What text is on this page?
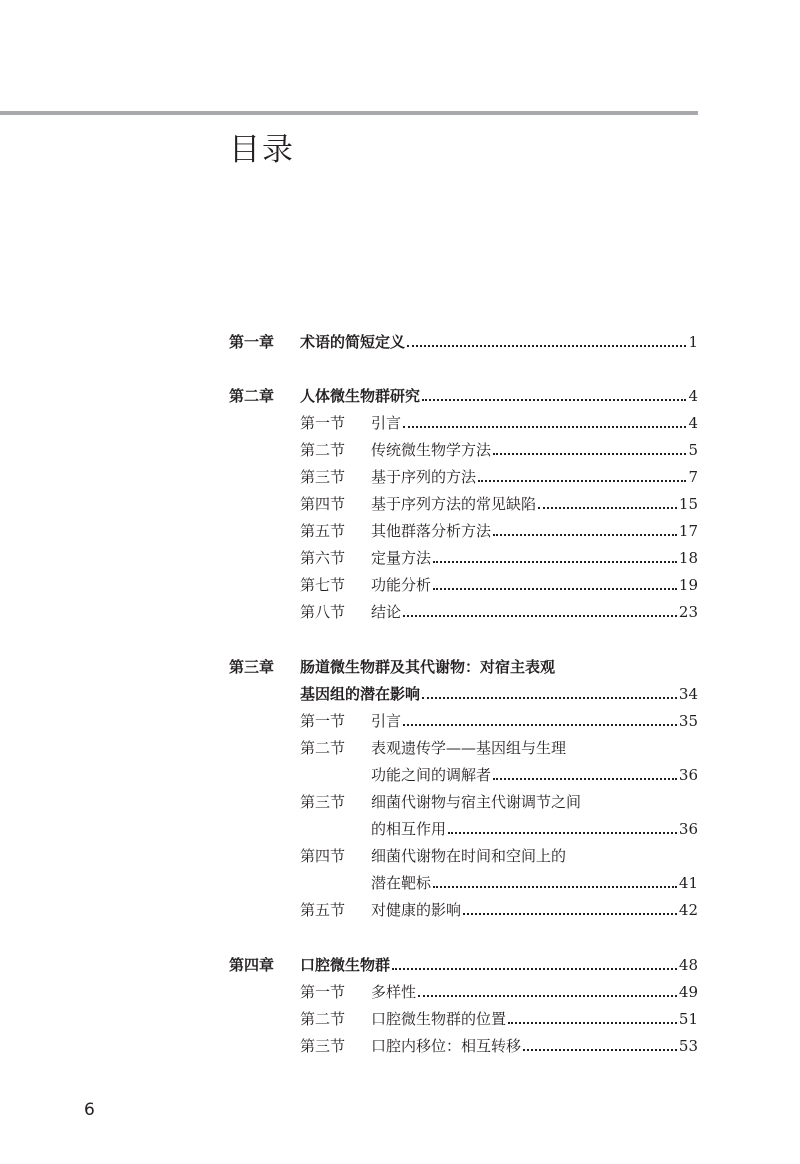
目录
第一章	术语的简短定义	1
第二章	人体微生物群研究	4
第一节	引言	4
第二节	传统微生物学方法	5
第三节	基于序列的方法	7
第四节	基于序列方法的常见缺陷	15
第五节	其他群落分析方法	17
第六节	定量方法	18
第七节	功能分析	19
第八节	结论	23
第三章	肠道微生物群及其代谢物：对宿主表观
基因组的潜在影响	34
第一节	引言	35
第二节	表观遗传学——基因组与生理
功能之间的调解者	36
第三节	细菌代谢物与宿主代谢调节之间
的相互作用	36
第四节	细菌代谢物在时间和空间上的
潜在靶标	41
第五节	对健康的影响	42
第四章	口腔微生物群	48
第一节	多样性	49
第二节	口腔微生物群的位置	51
第三节	口腔内移位：相互转移	53
6
